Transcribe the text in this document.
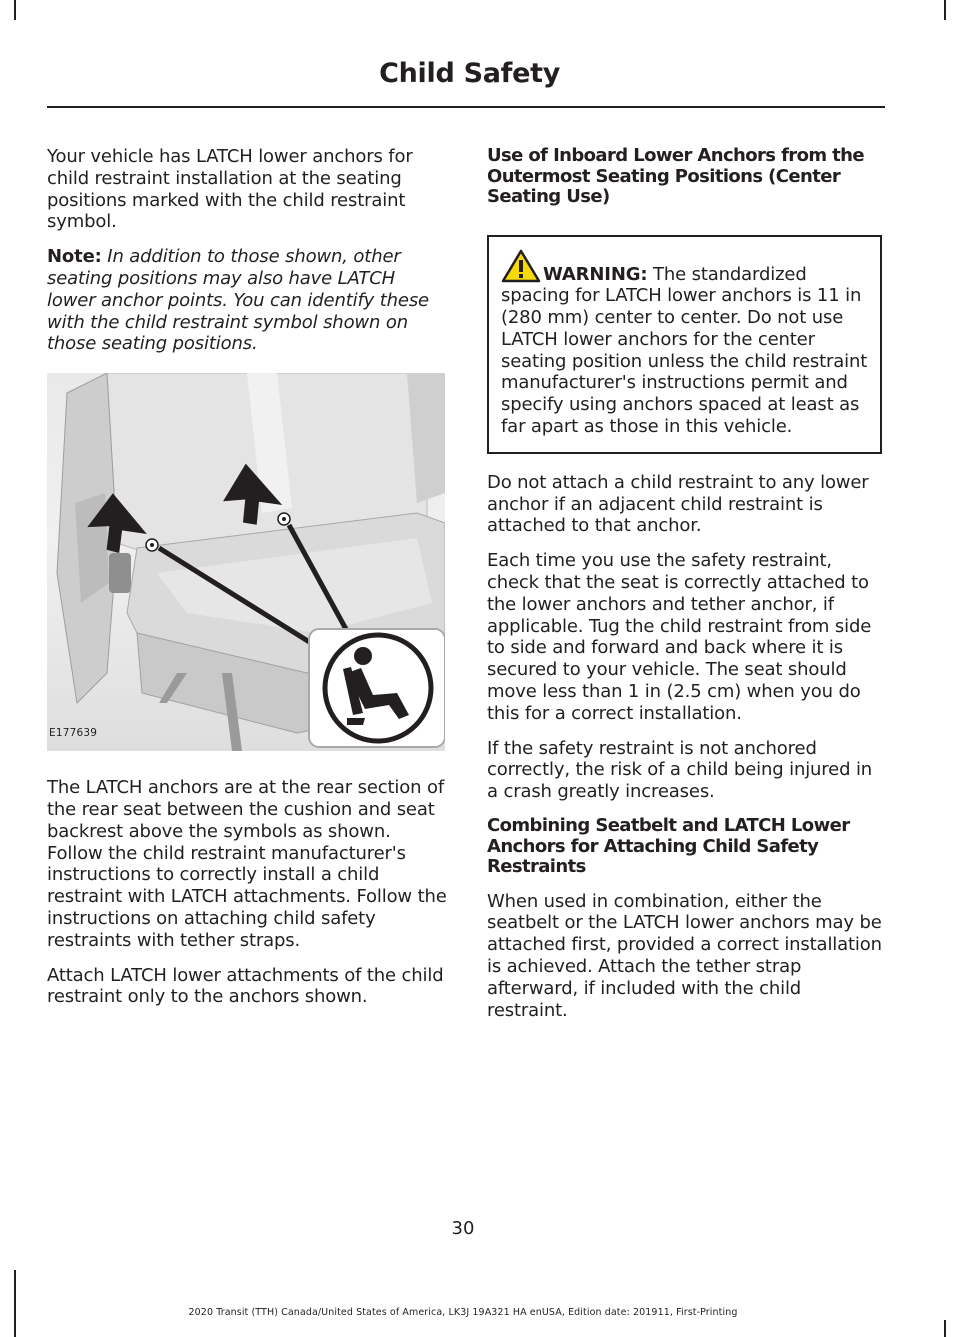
Child Safety

Your vehicle has LATCH lower anchors for child restraint installation at the seating positions marked with the child restraint symbol.

Note: In addition to those shown, other seating positions may also have LATCH lower anchor points. You can identify these with the child restraint symbol shown on those seating positions.

E177639

The LATCH anchors are at the rear section of the rear seat between the cushion and seat backrest above the symbols as shown. Follow the child restraint manufacturer's instructions to correctly install a child restraint with LATCH attachments. Follow the instructions on attaching child safety restraints with tether straps.

Attach LATCH lower attachments of the child restraint only to the anchors shown.

Use of Inboard Lower Anchors from the Outermost Seating Positions (Center Seating Use)

WARNING: The standardized spacing for LATCH lower anchors is 11 in (280 mm) center to center. Do not use LATCH lower anchors for the center seating position unless the child restraint manufacturer's instructions permit and specify using anchors spaced at least as far apart as those in this vehicle.

Do not attach a child restraint to any lower anchor if an adjacent child restraint is attached to that anchor.

Each time you use the safety restraint, check that the seat is correctly attached to the lower anchors and tether anchor, if applicable. Tug the child restraint from side to side and forward and back where it is secured to your vehicle. The seat should move less than 1 in (2.5 cm) when you do this for a correct installation.

If the safety restraint is not anchored correctly, the risk of a child being injured in a crash greatly increases.

Combining Seatbelt and LATCH Lower Anchors for Attaching Child Safety Restraints

When used in combination, either the seatbelt or the LATCH lower anchors may be attached first, provided a correct installation is achieved. Attach the tether strap afterward, if included with the child restraint.

30
2020 Transit (TTH) Canada/United States of America, LK3J 19A321 HA enUSA, Edition date: 201911, First-Printing
